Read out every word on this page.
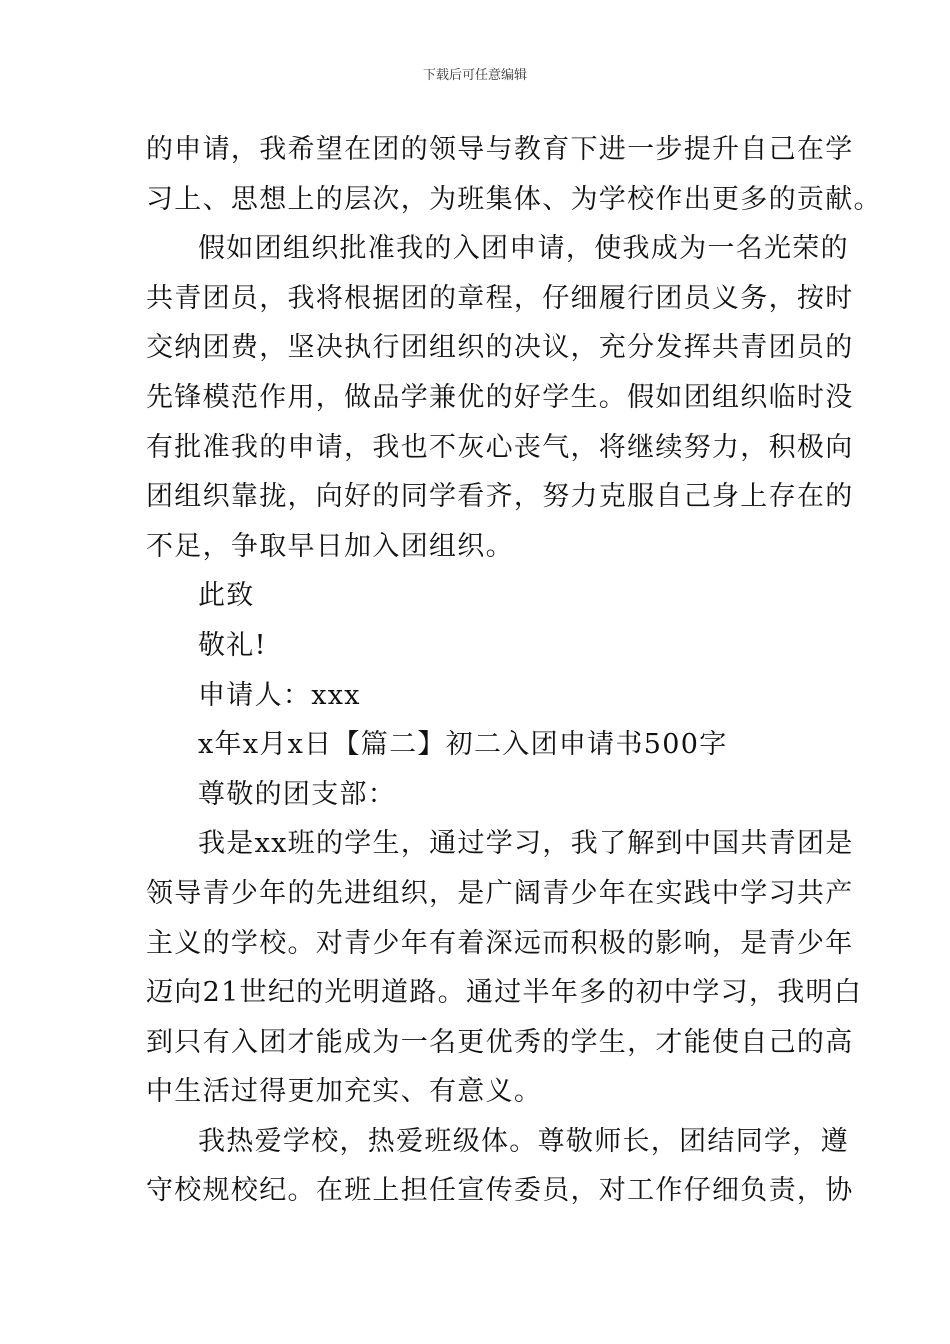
下载后可任意编辑
的申请，我希望在团的领导与教育下进一步提升自己在学
习上、思想上的层次，为班集体、为学校作出更多的贡献。
假如团组织批准我的入团申请，使我成为一名光荣的
共青团员，我将根据团的章程，仔细履行团员义务，按时
交纳团费，坚决执行团组织的决议，充分发挥共青团员的
先锋模范作用，做品学兼优的好学生。假如团组织临时没
有批准我的申请，我也不灰心丧气，将继续努力，积极向
团组织靠拢，向好的同学看齐，努力克服自己身上存在的
不足，争取早日加入团组织。
此致
敬礼!
申请人：xxx
x年x月x日【篇二】初二入团申请书500字
尊敬的团支部：
我是xx班的学生，通过学习，我了解到中国共青团是
领导青少年的先进组织，是广阔青少年在实践中学习共产
主义的学校。对青少年有着深远而积极的影响，是青少年
迈向21世纪的光明道路。通过半年多的初中学习，我明白
到只有入团才能成为一名更优秀的学生，才能使自己的高
中生活过得更加充实、有意义。
我热爱学校，热爱班级体。尊敬师长，团结同学，遵
守校规校纪。在班上担任宣传委员，对工作仔细负责，协
